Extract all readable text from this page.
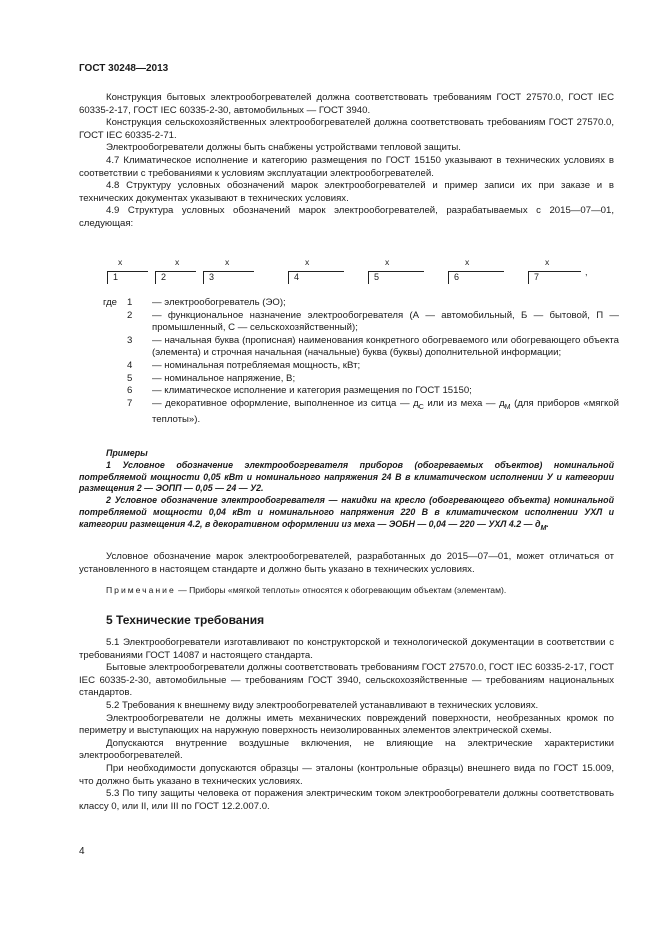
ГОСТ 30248—2013

Конструкция бытовых электрообогревателей должна соответствовать требованиям ГОСТ 27570.0, ГОСТ IEC 60335-2-17, ГОСТ IEC 60335-2-30, автомобильных — ГОСТ 3940.

Конструкция сельскохозяйственных электрообогревателей должна соответствовать требованиям ГОСТ 27570.0, ГОСТ IEC 60335-2-71.

Электрообогреватели должны быть снабжены устройствами тепловой защиты.

4.7 Климатическое исполнение и категорию размещения по ГОСТ 15150 указывают в технических условиях в соответствии с требованиями к условиям эксплуатации электрообогревателей.

4.8 Структуру условных обозначений марок электрообогревателей и пример записи их при заказе и в технических документах указывают в технических условиях.

4.9 Структура условных обозначений марок электрообогревателей, разрабатываемых с 2015—07—01, следующая:

х	х	х	х	х	х	х
1	2	3	4	5	6	7	,

где 1 — электрообогреватель (ЭО);

2 — функциональное назначение электрообогревателя (А — автомобильный, Б — бытовой, П — промышленный, С — сельскохозяйственный);

3 — начальная буква (прописная) наименования конкретного обогреваемого или обогревающего объекта (элемента) и строчная начальная (начальные) буква (буквы) дополнительной информации;

4 — номинальная потребляемая мощность, кВт;

5 — номинальное напряжение, В;

6 — климатическое исполнение и категория размещения по ГОСТ 15150;

7 — декоративное оформление, выполненное из ситца — $д_С$ или из меха — $д_М$ (для приборов «мягкой теплоты»).

Примеры

1 Условное обозначение электрообогревателя приборов (обогреваемых объектов) номинальной потребляемой мощности 0,05 кВт и номинального напряжения 24 В в климатическом исполнении У и категории размещения 2 — ЭОПП — 0,05 — 24 — У2.

2 Условное обозначение электрообогревателя — накидки на кресло (обогревающего объекта) номинальной потребляемой мощности 0,04 кВт и номинального напряжения 220 В в климатическом исполнении УХЛ и категории размещения 4.2, в декоративном оформлении из меха — ЭОБН — 0,04 — 220 — УХЛ 4.2 — $д_М$.

Условное обозначение марок электрообогревателей, разработанных до 2015—07—01, может отличаться от установленного в настоящем стандарте и должно быть указано в технических условиях.

Примечание — Приборы «мягкой теплоты» относятся к обогревающим объектам (элементам).

5 Технические требования

5.1 Электрообогреватели изготавливают по конструкторской и технологической документации в соответствии с требованиями ГОСТ 14087 и настоящего стандарта.

Бытовые электрообогреватели должны соответствовать требованиям ГОСТ 27570.0, ГОСТ IEC 60335-2-17, ГОСТ IEC 60335-2-30, автомобильные — требованиям ГОСТ 3940, сельскохозяйственные — требованиям национальных стандартов.

5.2 Требования к внешнему виду электрообогревателей устанавливают в технических условиях.

Электрообогреватели не должны иметь механических повреждений поверхности, необрезанных кромок по периметру и выступающих на наружную поверхность неизолированных элементов электрической схемы.

Допускаются внутренние воздушные включения, не влияющие на электрические характеристики электрообогревателей.

При необходимости допускаются образцы — эталоны (контрольные образцы) внешнего вида по ГОСТ 15.009, что должно быть указано в технических условиях.

5.3 По типу защиты человека от поражения электрическим током электрообогреватели должны соответствовать классу 0, или II, или III по ГОСТ 12.2.007.0.

4
